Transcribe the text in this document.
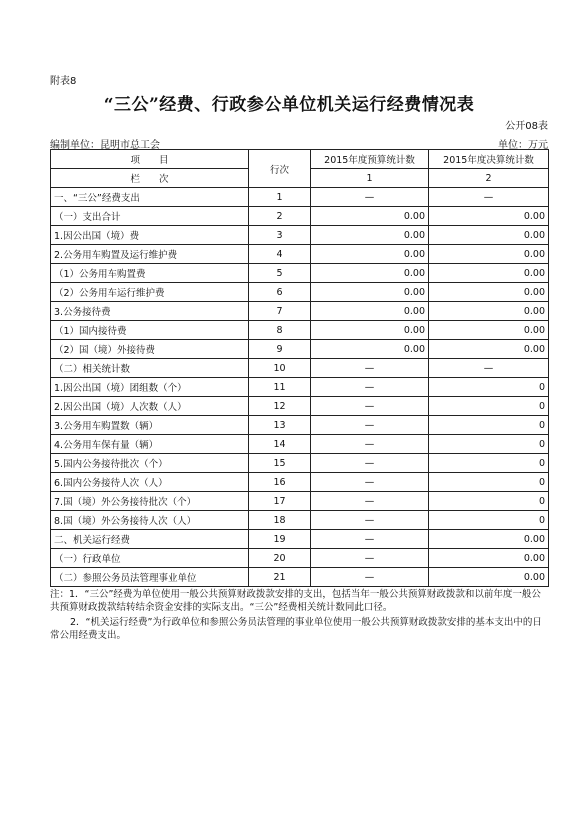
附表8
“三公”经费、行政参公单位机关运行经费情况表
公开08表
编制单位：昆明市总工会	单位：万元
项　　目	行次	2015年度预算统计数	2015年度决算统计数
栏　　次		1	2
一、“三公”经费支出	1	—	—
（一）支出合计	2	0.00	0.00
1.因公出国（境）费	3	0.00	0.00
2.公务用车购置及运行维护费	4	0.00	0.00
（1）公务用车购置费	5	0.00	0.00
（2）公务用车运行维护费	6	0.00	0.00
3.公务接待费	7	0.00	0.00
（1）国内接待费	8	0.00	0.00
（2）国（境）外接待费	9	0.00	0.00
（二）相关统计数	10	—	—
1.因公出国（境）团组数（个）	11	—	0
2.因公出国（境）人次数（人）	12	—	0
3.公务用车购置数（辆）	13	—	0
4.公务用车保有量（辆）	14	—	0
5.国内公务接待批次（个）	15	—	0
6.国内公务接待人次（人）	16	—	0
7.国（境）外公务接待批次（个）	17	—	0
8.国（境）外公务接待人次（人）	18	—	0
二、机关运行经费	19	—	0.00
（一）行政单位	20	—	0.00
（二）参照公务员法管理事业单位	21	—	0.00

注：1．“三公”经费为单位使用一般公共预算财政拨款安排的支出，包括当年一般公共预算财政拨款和以前年度一般公共预算财政拨款结转结余资金安排的实际支出。“三公”经费相关统计数同此口径。

2．“机关运行经费”为行政单位和参照公务员法管理的事业单位使用一般公共预算财政拨款安排的基本支出中的日常公用经费支出。
